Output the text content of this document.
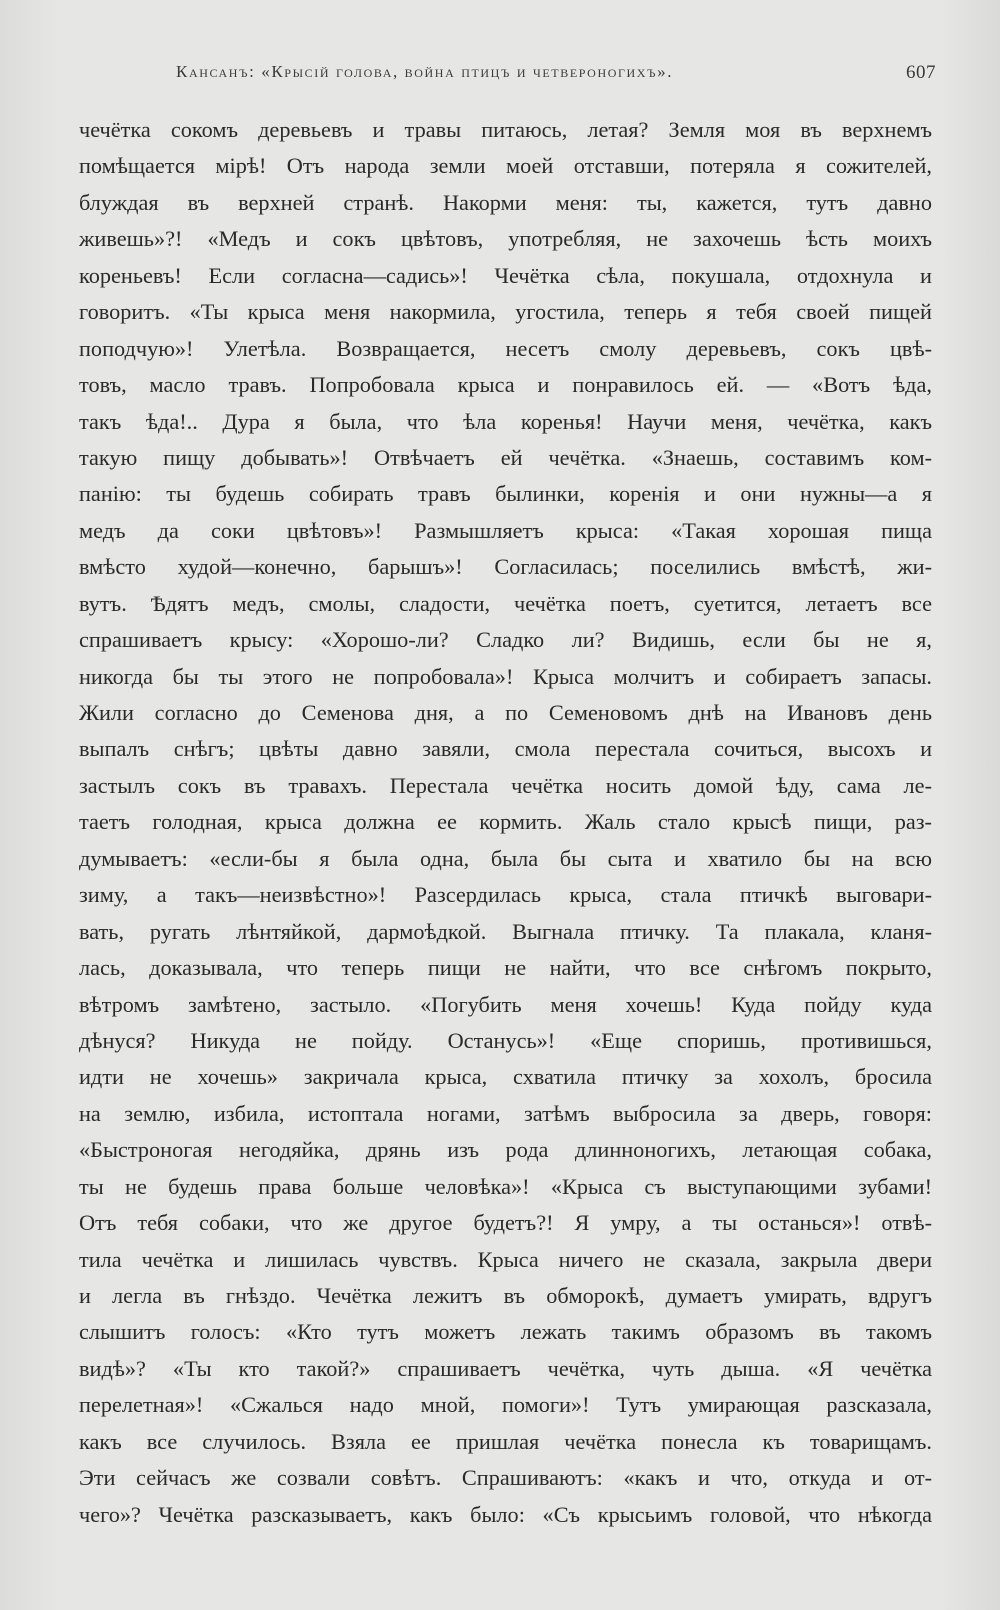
Кансанъ: «Крысiй голова, война птицъ и четвероногихъ».	607
чечётка сокомъ деревьевъ и травы питаюсь, летая? Земля моя въ верхнемъ
помѣщается мiрѣ! Отъ народа земли моей отставши, потеряла я сожителей,
блуждая въ верхней странѣ. Накорми меня: ты, кажется, тутъ давно
живешь»?! «Медъ и сокъ цвѣтовъ, употребляя, не захочешь ѣсть моихъ
кореньевъ! Если согласна—садись»! Чечётка сѣла, покушала, отдохнула и
говоритъ. «Ты крыса меня накормила, угостила, теперь я тебя своей пищей
поподчую»! Улетѣла. Возвращается, несетъ смолу деревьевъ, сокъ цвѣ-
товъ, масло травъ. Попробовала крыса и понравилось ей. — «Вотъ ѣда,
такъ ѣда!.. Дура я была, что ѣла коренья! Научи меня, чечётка, какъ
такую пищу добывать»! Отвѣчаетъ ей чечётка. «Знаешь, составимъ ком-
панiю: ты будешь собирать травъ былинки, коренiя и они нужны—а я
медъ да соки цвѣтовъ»! Размышляетъ крыса: «Такая хорошая пища
вмѣсто худой—конечно, барышъ»! Согласилась; поселились вмѣстѣ, жи-
вутъ. Ѣдятъ медъ, смолы, сладости, чечётка поетъ, суетится, летаетъ все
спрашиваетъ крысу: «Хорошо-ли? Сладко ли? Видишь, если бы не я,
никогда бы ты этого не попробовала»! Крыса молчитъ и собираетъ запасы.
Жили согласно до Семенова дня, а по Семеновомъ днѣ на Ивановъ день
выпалъ снѣгъ; цвѣты давно завяли, смола перестала сочиться, высохъ и
застылъ сокъ въ травахъ. Перестала чечётка носить домой ѣду, сама ле-
таетъ голодная, крыса должна ее кормить. Жаль стало крысѣ пищи, раз-
думываетъ: «если-бы я была одна, была бы сыта и хватило бы на всю
зиму, а такъ—неизвѣстно»! Разсердилась крыса, стала птичкѣ выговари-
вать, ругать лѣнтяйкой, дармоѣдкой. Выгнала птичку. Та плакала, кланя-
лась, доказывала, что теперь пищи не найти, что все снѣгомъ покрыто,
вѣтромъ замѣтено, застыло. «Погубить меня хочешь! Куда пойду куда
дѣнуся? Никуда не пойду. Останусь»! «Еще споришь, противишься,
идти не хочешь» закричала крыса, схватила птичку за хохолъ, бросила
на землю, избила, истоптала ногами, затѣмъ выбросила за дверь, говоря:
«Быстроногая негодяйка, дрянь изъ рода длинноногихъ, летающая собака,
ты не будешь права больше человѣка»! «Крыса съ выступающими зубами!
Отъ тебя собаки, что же другое будетъ?! Я умру, а ты останься»! отвѣ-
тила чечётка и лишилась чувствъ. Крыса ничего не сказала, закрыла двери
и легла въ гнѣздо. Чечётка лежитъ въ обморокѣ, думаетъ умирать, вдругъ
слышитъ голосъ: «Кто тутъ можетъ лежать такимъ образомъ въ такомъ
видѣ»? «Ты кто такой?» спрашиваетъ чечётка, чуть дыша. «Я чечётка
перелетная»! «Сжалься надо мной, помоги»! Тутъ умирающая разсказала,
какъ все случилось. Взяла ее пришлая чечётка понесла къ товарищамъ.
Эти сейчасъ же созвали совѣтъ. Спрашиваютъ: «какъ и что, откуда и от-
чего»? Чечётка разсказываетъ, какъ было: «Съ крысьимъ головой, что нѣкогда
